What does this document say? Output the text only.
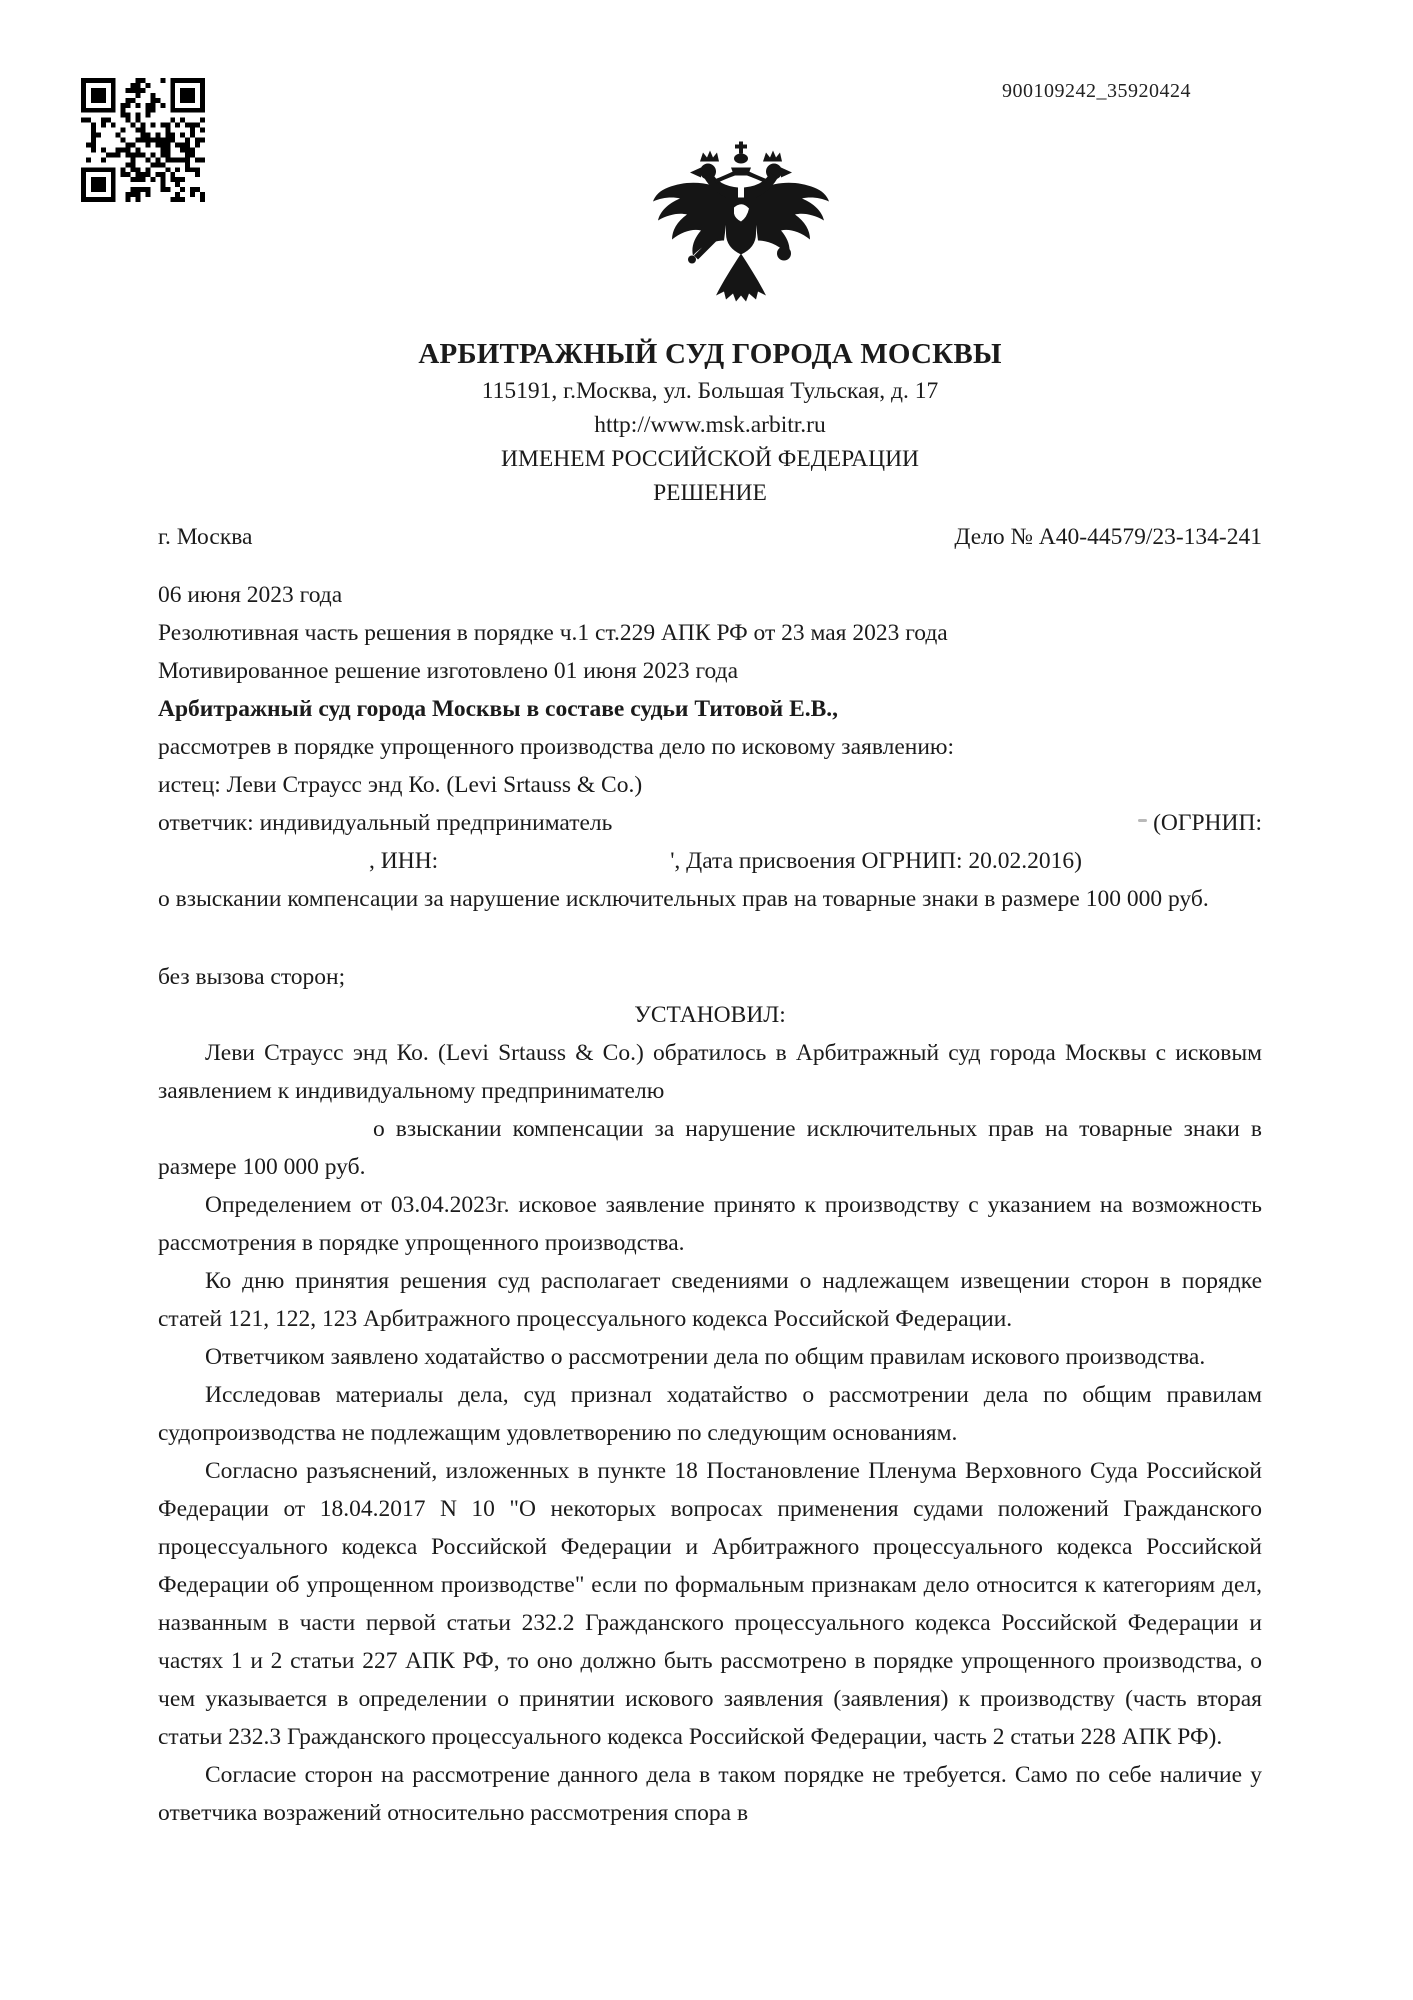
900109242_35920424
АРБИТРАЖНЫЙ СУД ГОРОДА МОСКВЫ
115191, г.Москва, ул. Большая Тульская, д. 17
http://www.msk.arbitr.ru
ИМЕНЕМ РОССИЙСКОЙ ФЕДЕРАЦИИ
РЕШЕНИЕ
г. Москва	Дело № А40-44579/23-134-241
06 июня 2023 года
Резолютивная часть решения в порядке ч.1 ст.229 АПК РФ от 23 мая 2023 года
Мотивированное решение изготовлено 01 июня 2023 года
Арбитражный суд города Москвы в составе судьи Титовой Е.В.,
рассмотрев в порядке упрощенного производства дело по исковому заявлению:
истец: Леви Страусс энд Ко. (Levi Srtauss & Co.)
ответчик: индивидуальный предприниматель	(ОГРНИП:
, ИНН:	', Дата присвоения ОГРНИП: 20.02.2016)
о взыскании компенсации за нарушение исключительных прав на товарные знаки в размере 100 000 руб.
без вызова сторон;
УСТАНОВИЛ:

Леви Страусс энд Ко. (Levi Srtauss & Co.) обратилось в Арбитражный суд города Москвы с исковым заявлением к индивидуальному предпринимателю

о взыскании компенсации за нарушение исключительных прав на товарные знаки в размере 100 000 руб.

Определением от 03.04.2023г. исковое заявление принято к производству с указанием на возможность рассмотрения в порядке упрощенного производства.

Ко дню принятия решения суд располагает сведениями о надлежащем извещении сторон в порядке статей 121, 122, 123 Арбитражного процессуального кодекса Российской Федерации.

Ответчиком заявлено ходатайство о рассмотрении дела по общим правилам искового производства.

Исследовав материалы дела, суд признал ходатайство о рассмотрении дела по общим правилам судопроизводства не подлежащим удовлетворению по следующим основаниям.

Согласно разъяснений, изложенных в пункте 18 Постановление Пленума Верховного Суда Российской Федерации от 18.04.2017 N 10 "О некоторых вопросах применения судами положений Гражданского процессуального кодекса Российской Федерации и Арбитражного процессуального кодекса Российской Федерации об упрощенном производстве" если по формальным признакам дело относится к категориям дел, названным в части первой статьи 232.2 Гражданского процессуального кодекса Российской Федерации и частях 1 и 2 статьи 227 АПК РФ, то оно должно быть рассмотрено в порядке упрощенного производства, о чем указывается в определении о принятии искового заявления (заявления) к производству (часть вторая статьи 232.3 Гражданского процессуального кодекса Российской Федерации, часть 2 статьи 228 АПК РФ).

Согласие сторон на рассмотрение данного дела в таком порядке не требуется. Само по себе наличие у ответчика возражений относительно рассмотрения спора в
